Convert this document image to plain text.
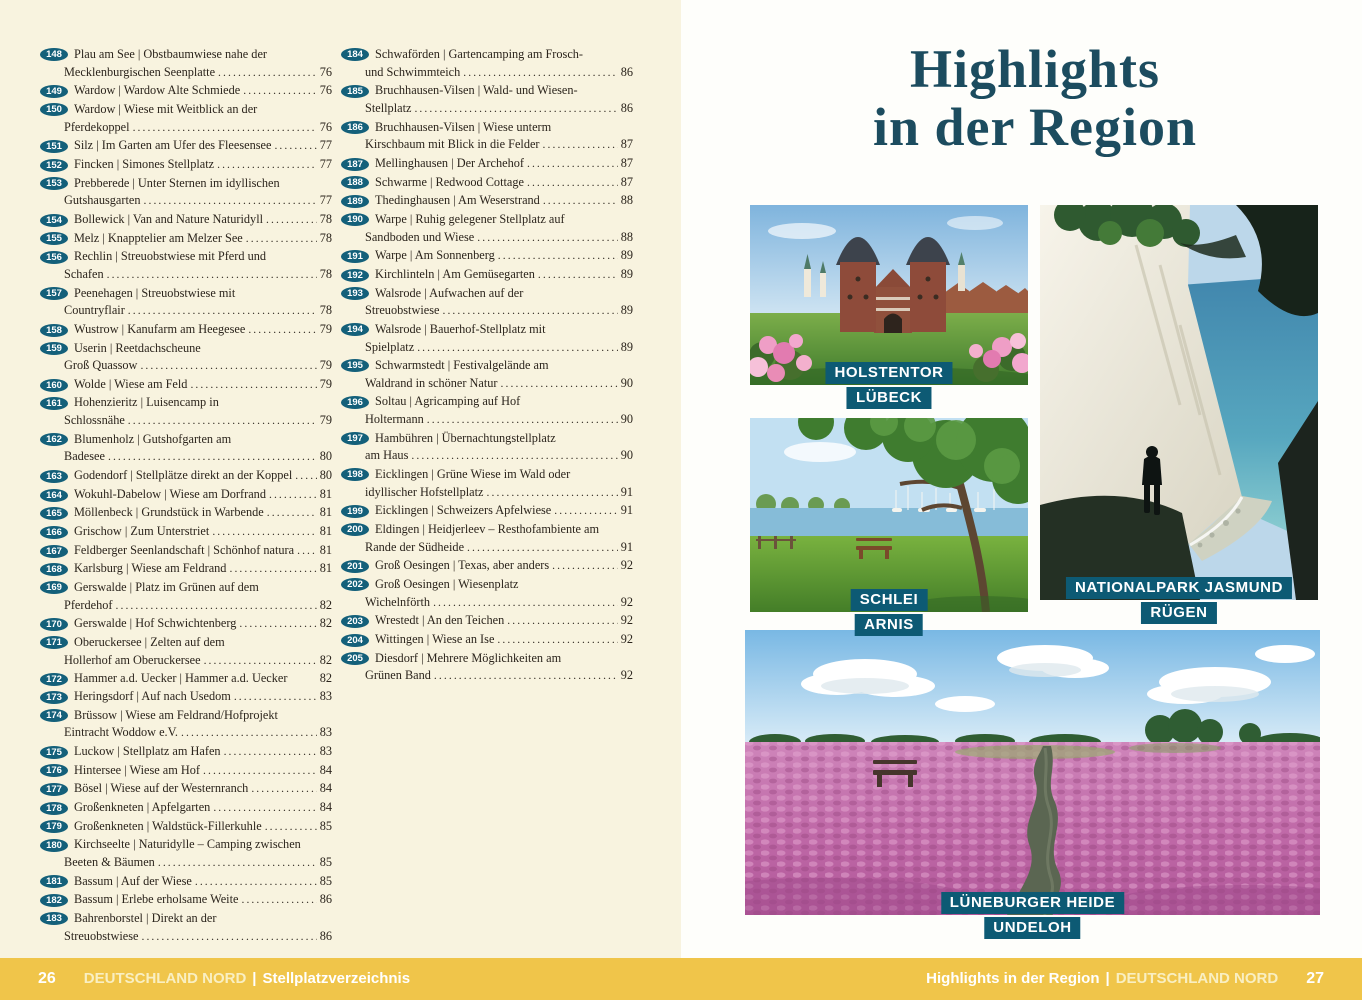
148 Plau am See | Obstbaumwiese nahe der
Mecklenburgischen Seenplatte .....	76
149 Wardow | Wardow Alte Schmiede .....	76
150 Wardow | Wiese mit Weitblick an der
Pferdekoppel .....	76
151 Silz | Im Garten am Ufer des Fleesensee .....	77
152 Fincken | Simones Stellplatz .....	77
153 Prebberede | Unter Sternen im idyllischen
Gutshausgarten .....	77
154 Bollewick | Van and Nature Naturidyll .....	78
155 Melz | Knapptelier am Melzer See .....	78
156 Rechlin | Streuobstwiese mit Pferd und
Schafen .....	78
157 Peenehagen | Streuobstwiese mit
Countryflair .....	78
158 Wustrow | Kanufarm am Heegesee .....	79
159 Userin | Reetdachscheune
Groß Quassow .....	79
160 Wolde | Wiese am Feld .....	79
161 Hohenzieritz | Luisencamp in
Schlossnähe .....	79
162 Blumenholz | Gutshofgarten am
Badesee .....	80
163 Godendorf | Stellplätze direkt an der Koppel ..... 80
164 Wokuhl-Dabelow | Wiese am Dorfrand .....	81
165 Möllenbeck | Grundstück in Warbende .....	81
166 Grischow | Zum Unterstriet .....	81
167 Feldberger Seenlandschaft | Schönhof natura ..... 81
168 Karlsburg | Wiese am Feldrand .....	81
169 Gerswalde | Platz im Grünen auf dem
Pferdehof .....	82
170 Gerswalde | Hof Schwichtenberg .....	82
171 Oberuckersee | Zelten auf dem
Hollerhof am Oberuckersee .....	82
172 Hammer a.d. Uecker | Hammer a.d. Uecker	82
173 Heringsdorf | Auf nach Usedom .....	83
174 Brüssow | Wiese am Feldrand/Hofprojekt
Eintracht Woddow e.V. .....	83
175 Luckow | Stellplatz am Hafen .....	83
176 Hintersee | Wiese am Hof .....	84
177 Bösel | Wiese auf der Westernranch .....	84
178 Großenkneten | Apfelgarten .....	84
179 Großenkneten | Waldstück-Fillerkuhle .....	85
180 Kirchseelte | Naturidylle – Camping zwischen
Beeten & Bäumen .....	85
181 Bassum | Auf der Wiese .....	85
182 Bassum | Erlebe erholsame Weite .....	86
183 Bahrenborstel | Direkt an der
Streuobstwiese .....	86
184 Schwaförden | Gartencamping am Frosch-
und Schwimmteich .....	86
185 Bruchhausen-Vilsen | Wald- und Wiesen-
Stellplatz .....	86
186 Bruchhausen-Vilsen | Wiese unterm
Kirschbaum mit Blick in die Felder .....	87
187 Mellinghausen | Der Archehof .....	87
188 Schwarme | Redwood Cottage .....	87
189 Thedinghausen | Am Weserstrand .....	88
190 Warpe | Ruhig gelegener Stellplatz auf
Sandboden und Wiese .....	88
191 Warpe | Am Sonnenberg .....	89
192 Kirchlinteln | Am Gemüsegarten .....	89
193 Walsrode | Aufwachen auf der
Streuobstwiese .....	89
194 Walsrode | Bauerhof-Stellplatz mit
Spielplatz .....	89
195 Schwarmstedt | Festivalgelände am
Waldrand in schöner Natur .....	90
196 Soltau | Agricamping auf Hof
Holtermann .....	90
197 Hambühren | Übernachtungstellplatz
am Haus .....	90
198 Eicklingen | Grüne Wiese im Wald oder
idyllischer Hofstellplatz .....	91
199 Eicklingen | Schweizers Apfelwiese .....	91
200 Eldingen | Heidjerleev – Resthofambiente am
Rande der Südheide .....	91
201 Groß Oesingen | Texas, aber anders .....	92
202 Groß Oesingen | Wiesenplatz
Wichelnförth .....	92
203 Wrestedt | An den Teichen .....	92
204 Wittingen | Wiese an Ise .....	92
205 Diesdorf | Mehrere Möglichkeiten am
Grünen Band .....	92
Highlights
in der Region
HOLSTENTOR
LÜBECK
NATIONALPARK JASMUND
RÜGEN
SCHLEI
ARNIS
LÜNEBURGER HEIDE
UNDELOH
26 DEUTSCHLAND NORD | Stellplatzverzeichnis	Highlights in der Region | DEUTSCHLAND NORD 27
